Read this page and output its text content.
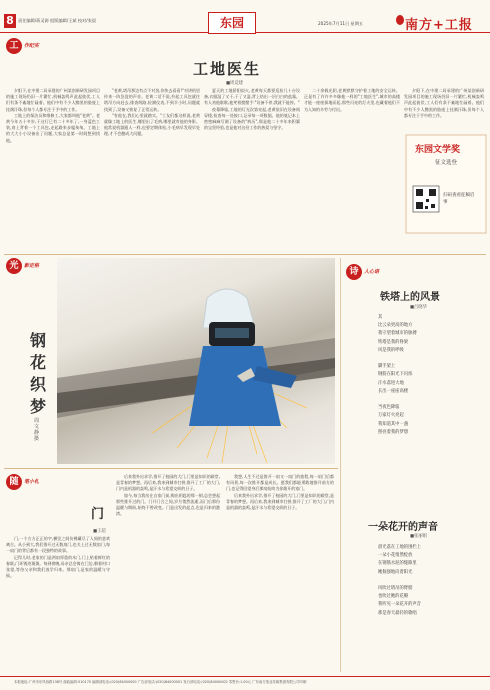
8 责任编辑/蒋灵源 组版编辑/王斌 校对/张晨	东园	2025年7月11日 星期五	南方+工报
工	作纪实
工地医生
■周竞建

夕阳下,在中建二局承建的广州某创新研发园项目的施工现场仍旧一片繁忙,机械轰鸣声此起彼伏,工人们有条不紊地忙碌着。他们中有不少人黝黑的脸庞上挂满汗珠,但每个人都专注于手中的工作。

工地上的保洁员和维修工,大家都叫他"老黄"。老黄今年五十多岁,干这行已有二十多年了,一身蓝色工装,肩上背着一个工具包,走起路来步履匆匆。工地上的大大小小设备出了问题,大家总是第一时间想到找他。

"老黄,塔吊那边有点不对劲,你快去看看!"对讲机里传来一阵急促的声音。老黄二话不说,拎起工具包就往塔吊方向赶去,排查线路,检测仪表,不到半小时,问题就找到了,设备又恢复了正常运转。

"有他在,我们心里就踏实。"工友们都这样说,老黄就像工地上的医生,哪里出了毛病,哪里就有他的身影。他常说机器跟人一样,也要定期体检,小毛病早发现早处理,才不会酿成大问题。

夏天的工地骄阳似火,老黄每天都要巡检几十台设备,衣服湿了又干,干了又湿,背上结出一层白白的盐霜。有人劝他歇歇,他笑着摆摆手:"设备不停,我就不能停。"

夜幕降临,工地的灯光次第亮起,老黄依旧在设备间穿梭,检查每一处接口,记录每一项数据。他的笔记本上密密麻麻写满了设备的"病历",那是他二十多年来积累的宝贵经验,也是他对这份工作的热爱与坚守。

二十余载光阴,老黄默默守护着工地的安全运转。正是有了许许多多像他一样的"工地医生",城市的高楼才能一座座拔地而起,那些闪亮的灯火里,也藏着他们不为人知的辛劳与付出。

夕阳下,在中建二局承建的广州某创新研发园项目的施工现场仍旧一片繁忙,机械轰鸣声此起彼伏,工人们有条不紊地忙碌着。他们中有不少人黝黑的脸庞上挂满汗珠,但每个人都专注于手中的工作。

东园文学奖
征文选登
扫码查看征稿启事
光	影定格
钢花织梦
周文静 摄
随	笔小札
门
■王超

门,一个方方正正的字,横竖之间仿佛藏尽了人间的悲欢离合。从小到大,我们推开过无数扇门,也关上过无数扇门,每一扇门的背后都有一段独特的故事。

记得儿时,老家的门是两扇厚重的木门,门上贴着鲜红的春联,门环锈迹斑斑。每到傍晚,母亲总会倚在门边,朝着村口张望,等待父亲和我们放学归来。那扇门,是家的温暖与守候。

后来我外出求学,推开了校园的大门,门里是知识的殿堂,是青春的梦想。再后来,我来到城市打拼,推开了工厂的大门,门内是机器的轰鸣,是汗水与希望交织的日子。

如今,每当我站在自家门前,掏出钥匙的那一刻,总会想起那些推开过的门。门开门合之间,岁月悄然流逝,而门后那份温暖与期盼,始终不曾改变。门是出发的起点,也是归来的港湾。

我想,人生不过是推开一扇又一扇门的旅程,每一扇门后都有风景,每一次推开都是成长。愿我们都能勇敢地推开前方的门,也记得回望身后那扇始终为你敞开的家门。

后来我外出求学,推开了校园的大门,门里是知识的殿堂,是青春的梦想。再后来,我来到城市打拼,推开了工厂的大门,门内是机器的轰鸣,是汗水与希望交织的日子。

诗	人心语
铁塔上的风景
■吕晓华
其
比云朵更高的地方
我守望着城市的脉搏
铁塔是我的脊梁
风是我的呼吸

脚手架上
钢筋在阳光下闪烁
汗水落进大地
长出一座座高楼

当夜色降临
万家灯火亮起
我知道其中一盏
照亮着我的梦想
一朵花开的声音
■张丽娟
晨光落在工地的围栏上
一朵小花悄然绽放
在钢筋水泥的缝隙里
她倔强地向着阳光

风吹过塔吊的臂膀
也吹过她的花瓣
我听见一朵花开的声音
那是春天最轻的歌唱
本报地址:广州市东风西路138号 邮政编码:510170 编辑部电话:(020)84000000 广告部电话:(020)84000001 发行部电话:(020)84000002 零售价:1.00元 广东南方报业传媒集团有限公司印刷
